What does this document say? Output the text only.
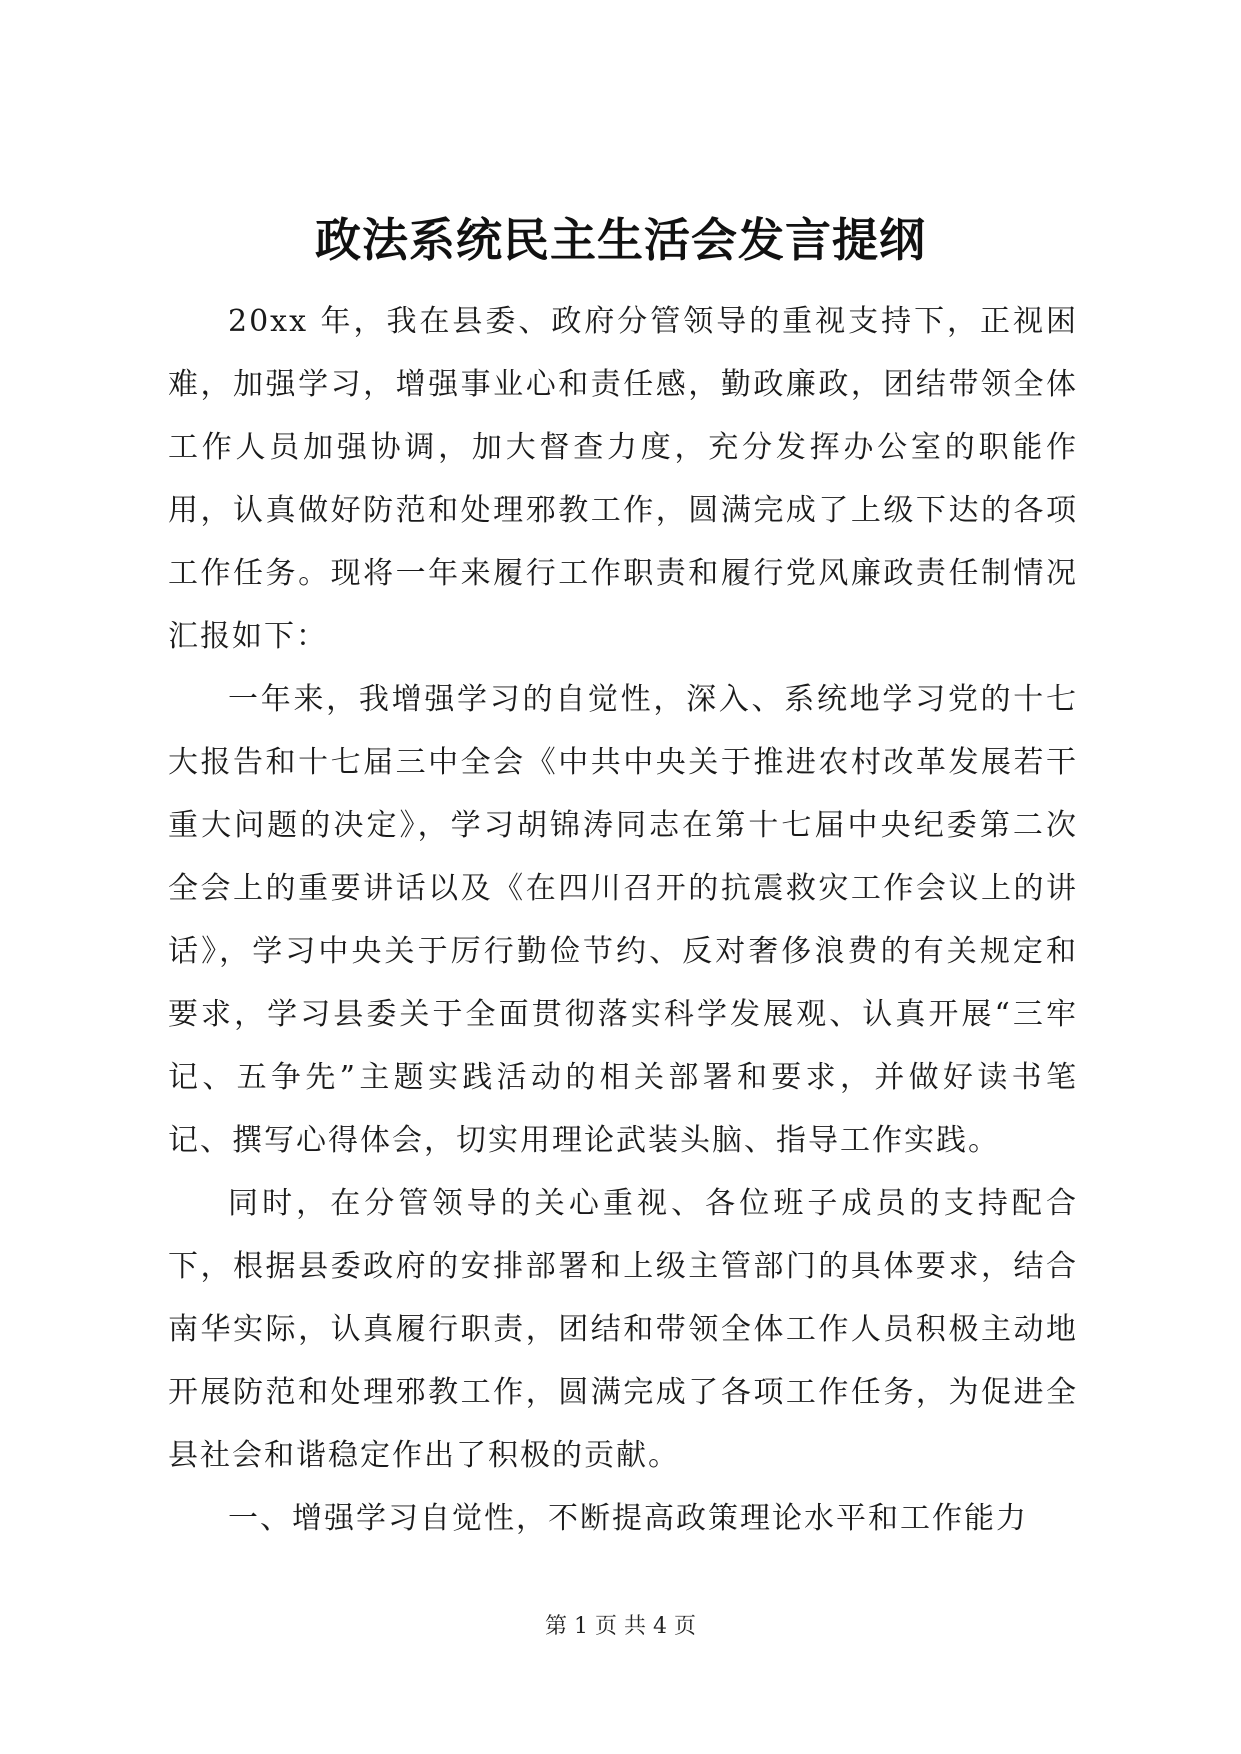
政法系统民主生活会发言提纲

20xx 年，我在县委、政府分管领导的重视支持下，正视困难，加强学习，增强事业心和责任感，勤政廉政，团结带领全体工作人员加强协调，加大督查力度，充分发挥办公室的职能作用，认真做好防范和处理邪教工作，圆满完成了上级下达的各项工作任务。现将一年来履行工作职责和履行党风廉政责任制情况汇报如下：

一年来，我增强学习的自觉性，深入、系统地学习党的十七大报告和十七届三中全会《中共中央关于推进农村改革发展若干重大问题的决定》，学习胡锦涛同志在第十七届中央纪委第二次全会上的重要讲话以及《在四川召开的抗震救灾工作会议上的讲话》，学习中央关于厉行勤俭节约、反对奢侈浪费的有关规定和要求，学习县委关于全面贯彻落实科学发展观、认真开展“三牢记、五争先”主题实践活动的相关部署和要求，并做好读书笔记、撰写心得体会，切实用理论武装头脑、指导工作实践。

同时，在分管领导的关心重视、各位班子成员的支持配合下，根据县委政府的安排部署和上级主管部门的具体要求，结合南华实际，认真履行职责，团结和带领全体工作人员积极主动地开展防范和处理邪教工作，圆满完成了各项工作任务，为促进全县社会和谐稳定作出了积极的贡献。

一、增强学习自觉性，不断提高政策理论水平和工作能力

第 1 页 共 4 页
